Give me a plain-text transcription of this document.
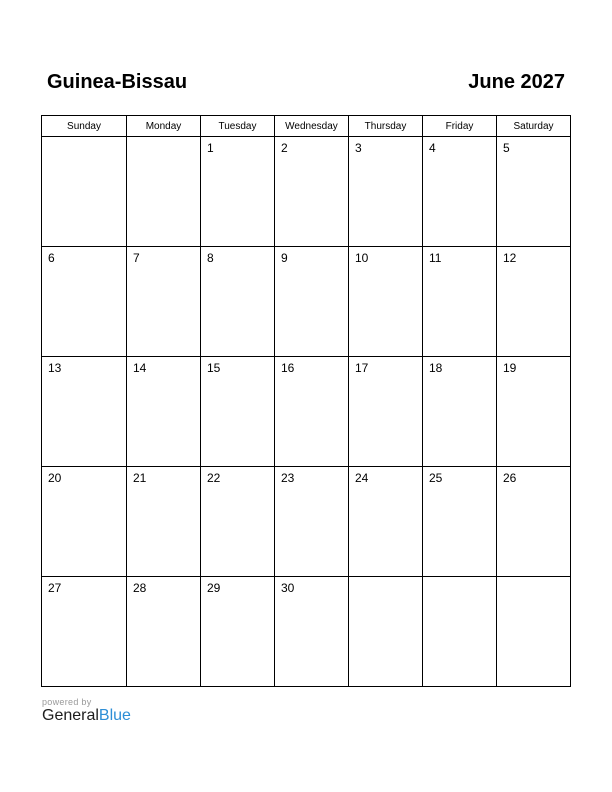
Guinea-Bissau	June 2027
Sunday	Monday	Tuesday	Wednesday	Thursday	Friday	Saturday
		1	2	3	4	5
6	7	8	9	10	11	12
13	14	15	16	17	18	19
20	21	22	23	24	25	26
27	28	29	30			
powered by
GeneralBlue
